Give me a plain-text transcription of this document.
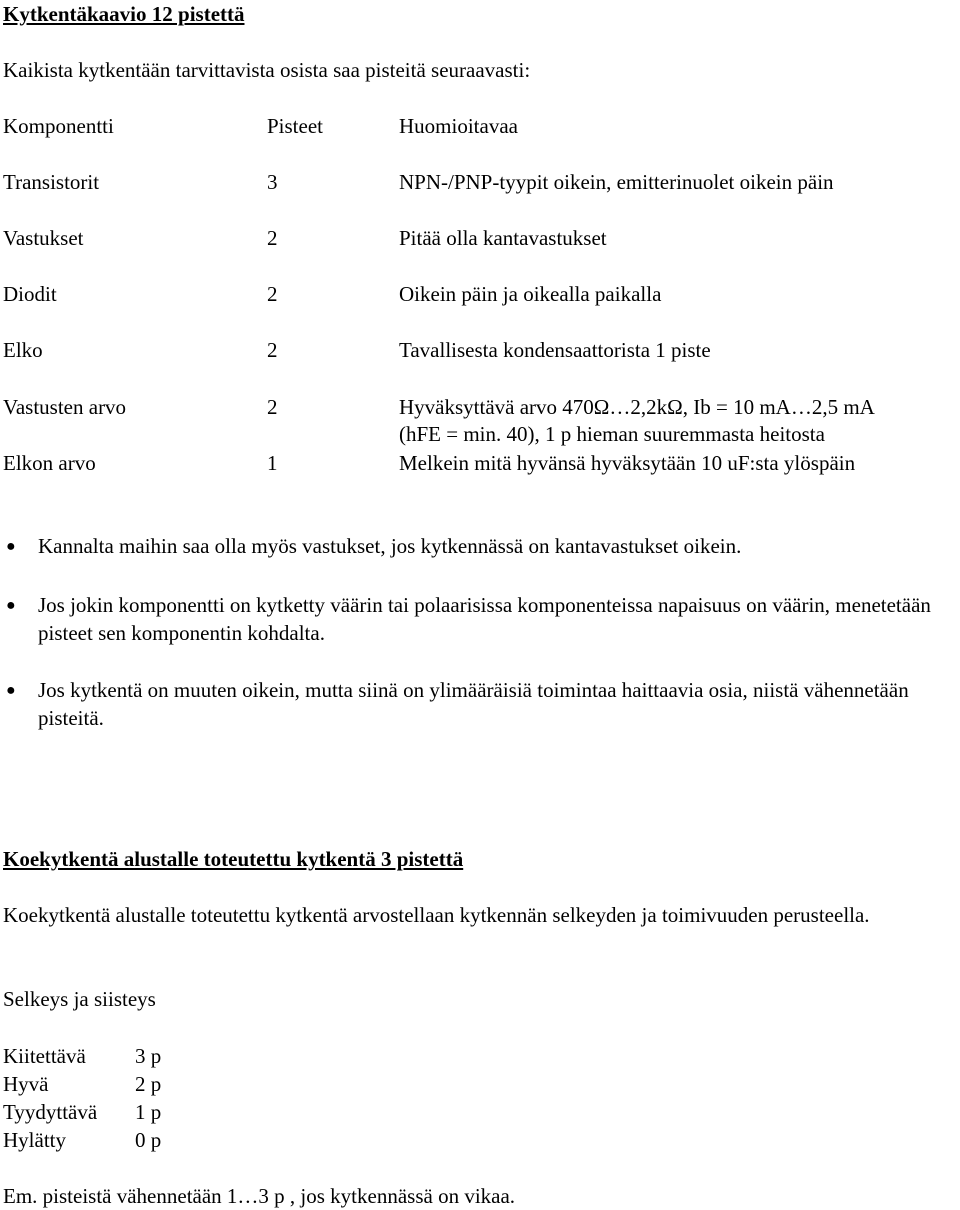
Kytkentäkaavio 12 pistettä
Kaikista kytkentään tarvittavista osista saa pisteitä seuraavasti:
Komponentti	Pisteet	Huomioitavaa
Transistorit	3	NPN-/PNP-tyypit oikein, emitterinuolet oikein päin
Vastukset	2	Pitää olla kantavastukset
Diodit	2	Oikein päin ja oikealla paikalla
Elko	2	Tavallisesta kondensaattorista 1 piste
Vastusten arvo	2	Hyväksyttävä arvo 470Ω…2,2kΩ, Ib = 10 mA…2,5 mA
(hFE = min. 40), 1 p hieman suuremmasta heitosta
Elkon arvo	1	Melkein mitä hyvänsä hyväksytään 10 uF:sta ylöspäin
● Kannalta maihin saa olla myös vastukset, jos kytkennässä on kantavastukset oikein.
● Jos jokin komponentti on kytketty väärin tai polaarisissa komponenteissa napaisuus on väärin, menetetään pisteet sen komponentin kohdalta.
● Jos kytkentä on muuten oikein, mutta siinä on ylimääräisiä toimintaa haittaavia osia, niistä vähennetään pisteitä.
Koekytkentä alustalle toteutettu kytkentä 3 pistettä
Koekytkentä alustalle toteutettu kytkentä arvostellaan kytkennän selkeyden ja toimivuuden perusteella.
Selkeys ja siisteys
Kiitettävä 3 p
Hyvä	2 p
Tyydyttävä 1 p
Hylätty	0 p
Em. pisteistä vähennetään 1…3 p , jos kytkennässä on vikaa.
